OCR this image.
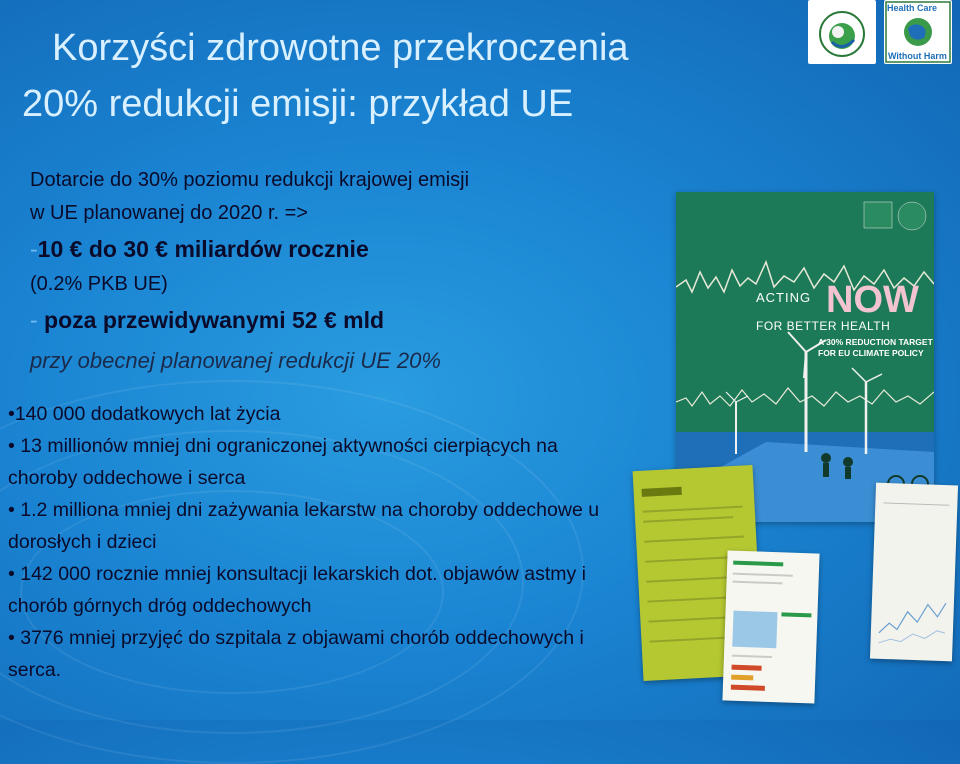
Korzyści zdrowotne przekroczenia
20% redukcji emisji: przykład UE
Health Care
Without Harm
Dotarcie do 30% poziomu redukcji krajowej emisji
w UE planowanej do 2020 r. =>
-10 € do 30 € miliardów rocznie
(0.2% PKB UE)
- poza przewidywanymi 52 € mld
przy obecnej planowanej redukcji UE 20%
•140 000 dodatkowych lat życia
• 13 millionów mniej dni ograniczonej aktywności cierpiących na choroby oddechowe i serca
• 1.2 milliona mniej dni zażywania lekarstw na choroby oddechowe u dorosłych i dzieci
• 142 000 rocznie mniej konsultacji lekarskich dot. objawów astmy i chorób górnych dróg oddechowych
• 3776 mniej przyjęć do szpitala z objawami chorób oddechowych i serca.
ACTING NOW
FOR BETTER HEALTH
A 30% REDUCTION TARGET
FOR EU CLIMATE POLICY
